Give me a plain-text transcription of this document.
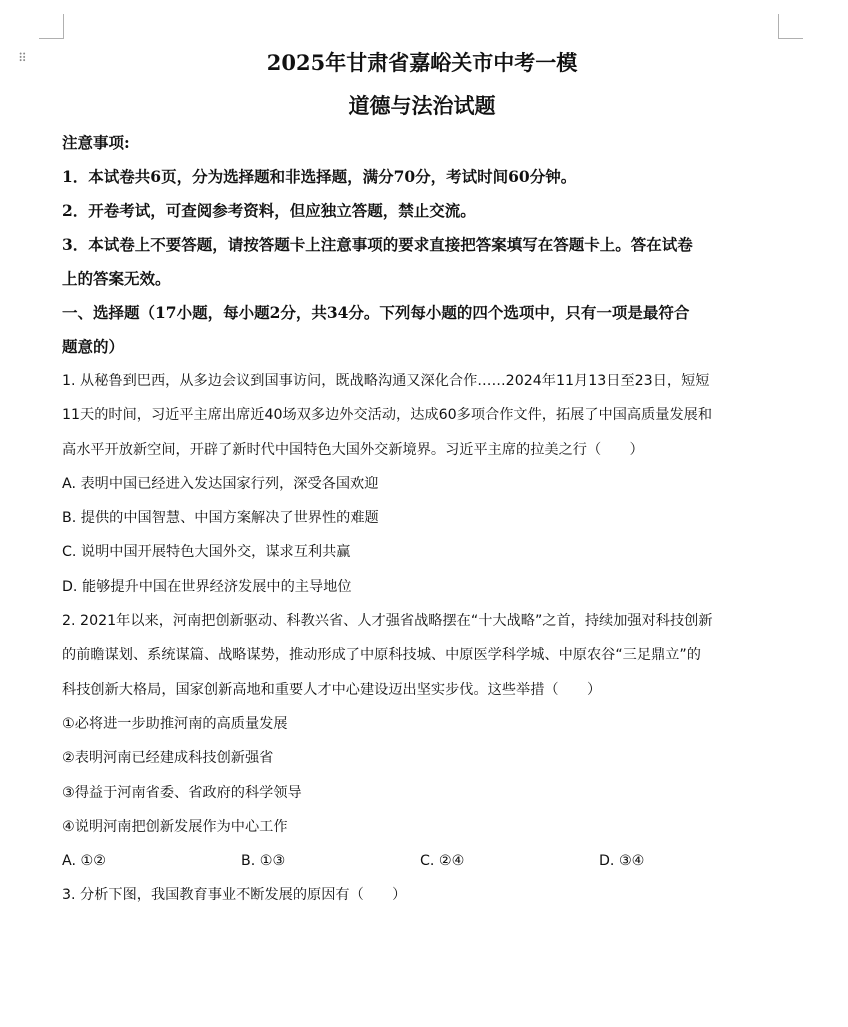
⠿	2025年甘肃省嘉峪关市中考一模
道德与法治试题
注意事项:
1．本试卷共6页，分为选择题和非选择题，满分70分，考试时间60分钟。
2．开卷考试，可查阅参考资料，但应独立答题，禁止交流。
3．本试卷上不要答题，请按答题卡上注意事项的要求直接把答案填写在答题卡上。答在试卷
上的答案无效。
一、选择题（17小题，每小题2分，共34分。下列每小题的四个选项中，只有一项是最符合
题意的）
1. 从秘鲁到巴西，从多边会议到国事访问，既战略沟通又深化合作……2024年11月13日至23日，短短
11天的时间，习近平主席出席近40场双多边外交活动，达成60多项合作文件，拓展了中国高质量发展和
高水平开放新空间，开辟了新时代中国特色大国外交新境界。习近平主席的拉美之行（　　）
A. 表明中国已经进入发达国家行列，深受各国欢迎
B. 提供的中国智慧、中国方案解决了世界性的难题
C. 说明中国开展特色大国外交，谋求互利共赢
D. 能够提升中国在世界经济发展中的主导地位
2. 2021年以来，河南把创新驱动、科教兴省、人才强省战略摆在“十大战略”之首，持续加强对科技创新
的前瞻谋划、系统谋篇、战略谋势，推动形成了中原科技城、中原医学科学城、中原农谷“三足鼎立”的
科技创新大格局，国家创新高地和重要人才中心建设迈出坚实步伐。这些举措（　　）
①必将进一步助推河南的高质量发展
②表明河南已经建成科技创新强省
③得益于河南省委、省政府的科学领导
④说明河南把创新发展作为中心工作
A. ①②	B. ①③	C. ②④	D. ③④
3. 分析下图，我国教育事业不断发展的原因有（　　）
